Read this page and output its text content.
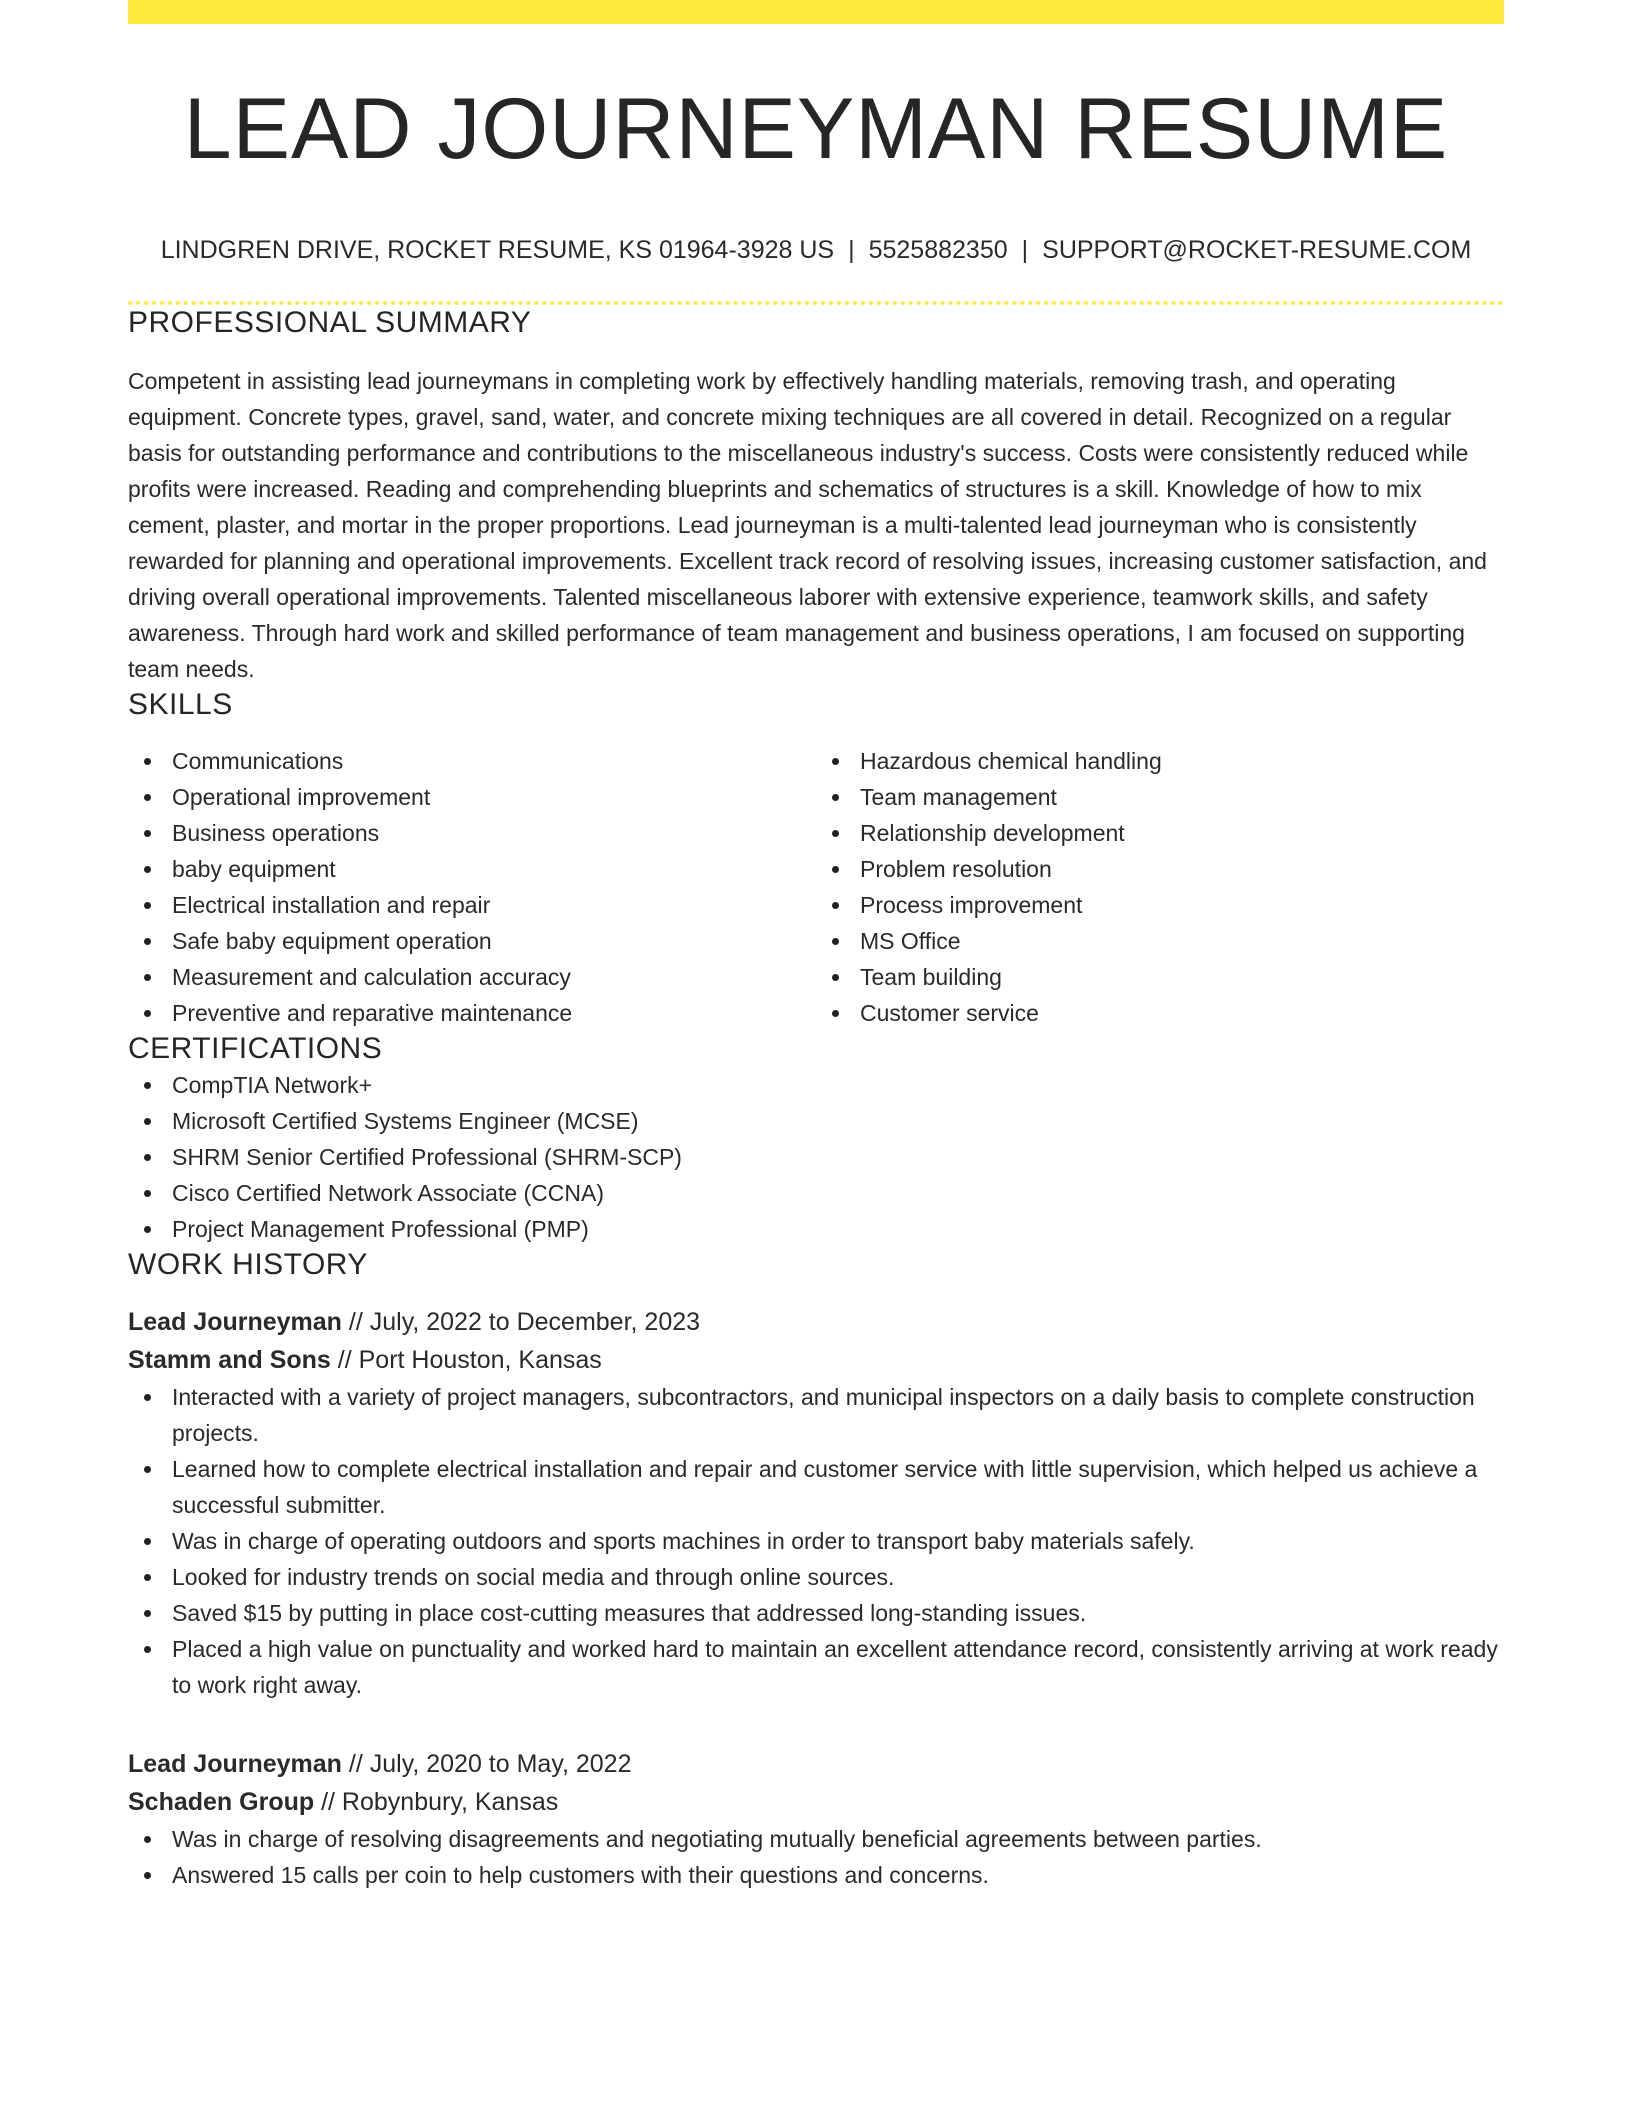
LEAD JOURNEYMAN RESUME
LINDGREN DRIVE, ROCKET RESUME, KS 01964-3928 US | 5525882350 | SUPPORT@ROCKET-RESUME.COM
PROFESSIONAL SUMMARY
Competent in assisting lead journeymans in completing work by effectively handling materials, removing trash, and operating equipment. Concrete types, gravel, sand, water, and concrete mixing techniques are all covered in detail. Recognized on a regular basis for outstanding performance and contributions to the miscellaneous industry's success. Costs were consistently reduced while profits were increased. Reading and comprehending blueprints and schematics of structures is a skill. Knowledge of how to mix cement, plaster, and mortar in the proper proportions. Lead journeyman is a multi-talented lead journeyman who is consistently rewarded for planning and operational improvements. Excellent track record of resolving issues, increasing customer satisfaction, and driving overall operational improvements. Talented miscellaneous laborer with extensive experience, teamwork skills, and safety awareness. Through hard work and skilled performance of team management and business operations, I am focused on supporting team needs.
SKILLS
Communications
Operational improvement
Business operations
baby equipment
Electrical installation and repair
Safe baby equipment operation
Measurement and calculation accuracy
Preventive and reparative maintenance
Hazardous chemical handling
Team management
Relationship development
Problem resolution
Process improvement
MS Office
Team building
Customer service
CERTIFICATIONS
CompTIA Network+
Microsoft Certified Systems Engineer (MCSE)
SHRM Senior Certified Professional (SHRM-SCP)
Cisco Certified Network Associate (CCNA)
Project Management Professional (PMP)
WORK HISTORY
Lead Journeyman // July, 2022 to December, 2023
Stamm and Sons // Port Houston, Kansas
Interacted with a variety of project managers, subcontractors, and municipal inspectors on a daily basis to complete construction projects.
Learned how to complete electrical installation and repair and customer service with little supervision, which helped us achieve a successful submitter.
Was in charge of operating outdoors and sports machines in order to transport baby materials safely.
Looked for industry trends on social media and through online sources.
Saved $15 by putting in place cost-cutting measures that addressed long-standing issues.
Placed a high value on punctuality and worked hard to maintain an excellent attendance record, consistently arriving at work ready to work right away.
Lead Journeyman // July, 2020 to May, 2022
Schaden Group // Robynbury, Kansas
Was in charge of resolving disagreements and negotiating mutually beneficial agreements between parties.
Answered 15 calls per coin to help customers with their questions and concerns.
